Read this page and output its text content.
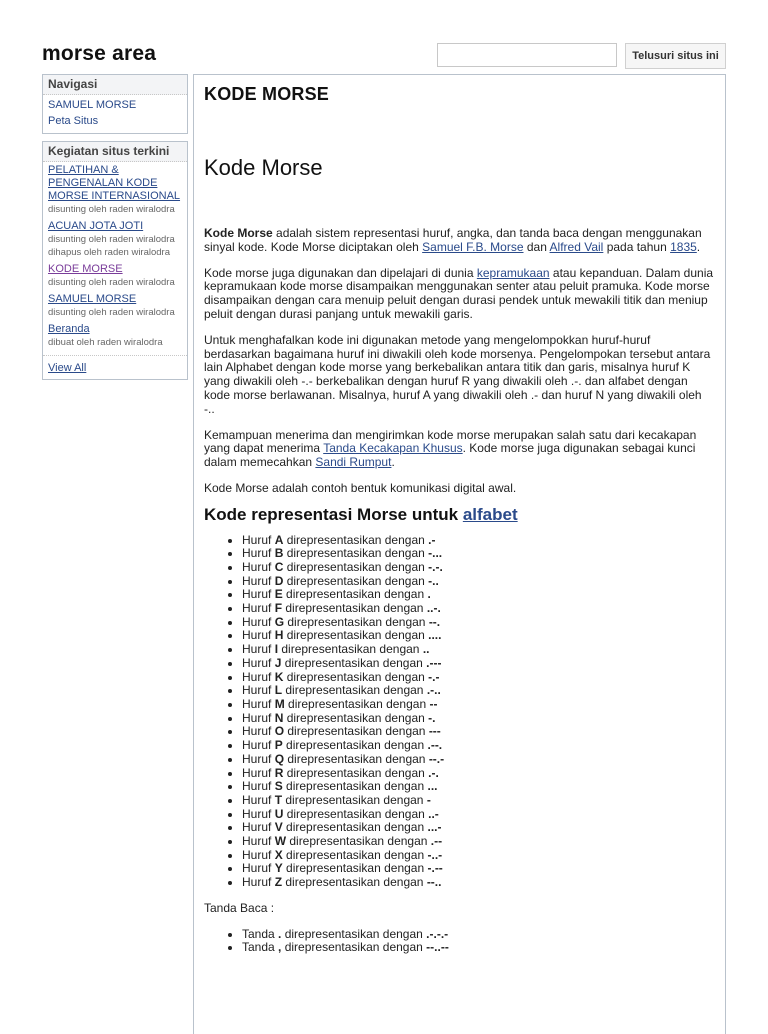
morse area	Telusuri situs ini
Navigasi
SAMUEL MORSE
Peta Situs
Kegiatan situs terkini
PELATIHAN & PENGENALAN KODE MORSE INTERNASIONAL
disunting oleh raden wiralodra
ACUAN JOTA JOTI
disunting oleh raden wiralodra
dihapus oleh raden wiralodra
KODE MORSE
disunting oleh raden wiralodra
SAMUEL MORSE
disunting oleh raden wiralodra
Beranda
dibuat oleh raden wiralodra
View All
KODE MORSE
Kode Morse

Kode Morse adalah sistem representasi huruf, angka, dan tanda baca dengan menggunakan sinyal kode. Kode Morse diciptakan oleh Samuel F.B. Morse dan Alfred Vail pada tahun 1835.

Kode morse juga digunakan dan dipelajari di dunia kepramukaan atau kepanduan. Dalam dunia kepramukaan kode morse disampaikan menggunakan senter atau peluit pramuka. Kode morse disampaikan dengan cara menuip peluit dengan durasi pendek untuk mewakili titik dan meniup peluit dengan durasi panjang untuk mewakili garis.

Untuk menghafalkan kode ini digunakan metode yang mengelompokkan huruf-huruf berdasarkan bagaimana huruf ini diwakili oleh kode morsenya. Pengelompokan tersebut antara lain Alphabet dengan kode morse yang berkebalikan antara titik dan garis, misalnya huruf K yang diwakili oleh -.- berkebalikan dengan huruf R yang diwakili oleh .-. dan alfabet dengan kode morse berlawanan. Misalnya, huruf A yang diwakili oleh .- dan huruf N yang diwakili oleh -..

Kemampuan menerima dan mengirimkan kode morse merupakan salah satu dari kecakapan yang dapat menerima Tanda Kecakapan Khusus. Kode morse juga digunakan sebagai kunci dalam memecahkan Sandi Rumput.

Kode Morse adalah contoh bentuk komunikasi digital awal.

Kode representasi Morse untuk alfabet
• Huruf A direpresentasikan dengan .-
• Huruf B direpresentasikan dengan -...
• Huruf C direpresentasikan dengan -.-.
• Huruf D direpresentasikan dengan -..
• Huruf E direpresentasikan dengan .
• Huruf F direpresentasikan dengan ..-.
• Huruf G direpresentasikan dengan --.
• Huruf H direpresentasikan dengan ....
• Huruf I direpresentasikan dengan ..
• Huruf J direpresentasikan dengan .---
• Huruf K direpresentasikan dengan -.-
• Huruf L direpresentasikan dengan .-..
• Huruf M direpresentasikan dengan --
• Huruf N direpresentasikan dengan -.
• Huruf O direpresentasikan dengan ---
• Huruf P direpresentasikan dengan .--.
• Huruf Q direpresentasikan dengan --.-
• Huruf R direpresentasikan dengan .-.
• Huruf S direpresentasikan dengan ...
• Huruf T direpresentasikan dengan -
• Huruf U direpresentasikan dengan ..-
• Huruf V direpresentasikan dengan ...-
• Huruf W direpresentasikan dengan .--
• Huruf X direpresentasikan dengan -..-
• Huruf Y direpresentasikan dengan -.--
• Huruf Z direpresentasikan dengan --..

Tanda Baca :

• Tanda . direpresentasikan dengan .-.-.-
• Tanda , direpresentasikan dengan --..--
